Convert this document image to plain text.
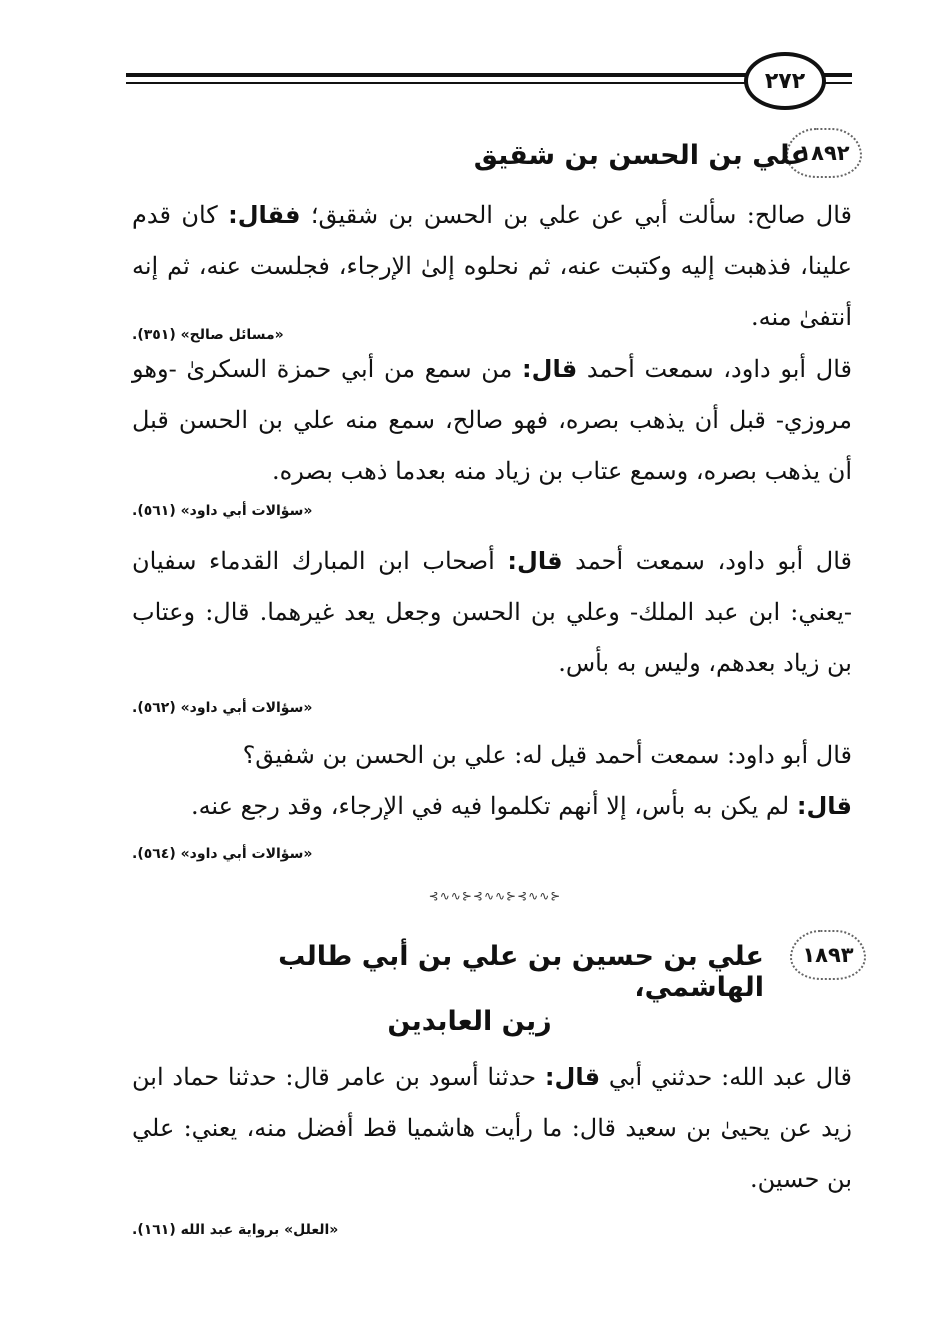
٢٧٢
١٨٩٢
علي بن الحسن بن شقيق

قال صالح: سألت أبي عن علي بن الحسن بن شقيق؛ فقال: كان قدم علينا، فذهبت إليه وكتبت عنه، ثم نحلوه إلىٰ الإرجاء، فجلست عنه، ثم إنه أنتفىٰ منه.
«مسائل صالح» (٣٥١).

قال أبو داود، سمعت أحمد قال: من سمع من أبي حمزة السكرىٰ -وهو مروزي- قبل أن يذهب بصره، فهو صالح، سمع منه علي بن الحسن قبل أن يذهب بصره، وسمع عتاب بن زياد منه بعدما ذهب بصره.

«سؤالات أبي داود» (٥٦١).

قال أبو داود، سمعت أحمد قال: أصحاب ابن المبارك القدماء سفيان -يعني: ابن عبد الملك- وعلي بن الحسن وجعل يعد غيرهما. قال: وعتاب بن زياد بعدهم، وليس به بأس.

«سؤالات أبي داود» (٥٦٢).

قال أبو داود: سمعت أحمد قيل له: علي بن الحسن بن شفيق؟

قال: لم يكن به بأس، إلا أنهم تكلموا فيه في الإرجاء، وقد رجع عنه.

«سؤالات أبي داود» (٥٦٤).
⊰∿∿⊱⊰∿∿⊱⊰∿∿⊱
١٨٩٣
علي بن حسين بن علي بن أبي طالب الهاشمي،
زين العابدين

قال عبد الله: حدثني أبي قال: حدثنا أسود بن عامر قال: حدثنا حماد ابن زيد عن يحيىٰ بن سعيد قال: ما رأيت هاشميا قط أفضل منه، يعني: علي بن حسين.

«العلل» برواية عبد الله (١٦١).
